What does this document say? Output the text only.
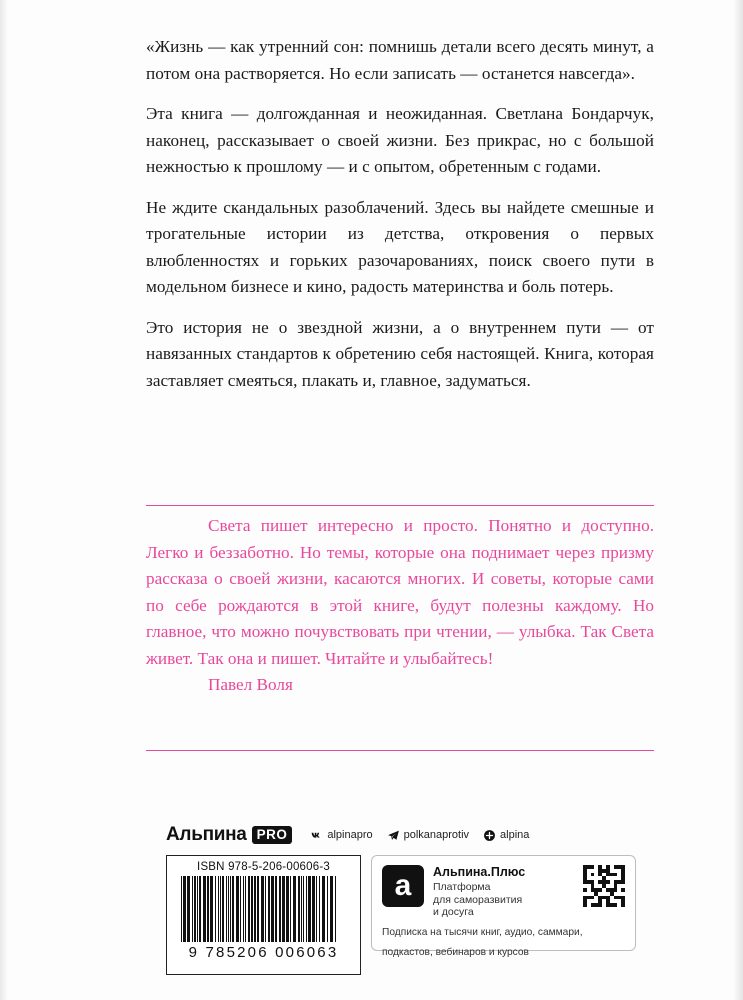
«Жизнь — как утренний сон: помнишь детали всего десять минут, а потом она растворяется. Но если записать — останется навсегда».

Эта книга — долгожданная и неожиданная. Светлана Бондарчук, наконец, рассказывает о своей жизни. Без прикрас, но с большой нежностью к прошлому — и с опытом, обретенным с годами.

Не ждите скандальных разоблачений. Здесь вы найдете смешные и трогательные истории из детства, откровения о первых влюбленностях и горьких разочарованиях, поиск своего пути в модельном бизнесе и кино, радость материнства и боль потерь.

Это история не о звездной жизни, а о внутреннем пути — от навязанных стандартов к обретению себя настоящей. Книга, которая заставляет смеяться, плакать и, главное, задуматься.

Света пишет интересно и просто. Понятно и доступно. Легко и беззаботно. Но темы, которые она поднимает через призму рассказа о своей жизни, касаются многих. И советы, которые сами по себе рождаются в этой книге, будут полезны каждому. Но главное, что можно почувствовать при чтении, — улыбка. Так Света живет. Так она и пишет. Читайте и улыбайтесь!

Павел Воля

Альпина PRO	alpinapro	polkanaprotiv	alpina
ISBN 978-5-206-00606-3
9 785206 006063
а	Альпина.Плюс
Платформа
для саморазвития
и досуга
Подписка на тысячи книг, аудио, саммари,
подкастов, вебинаров и курсов
